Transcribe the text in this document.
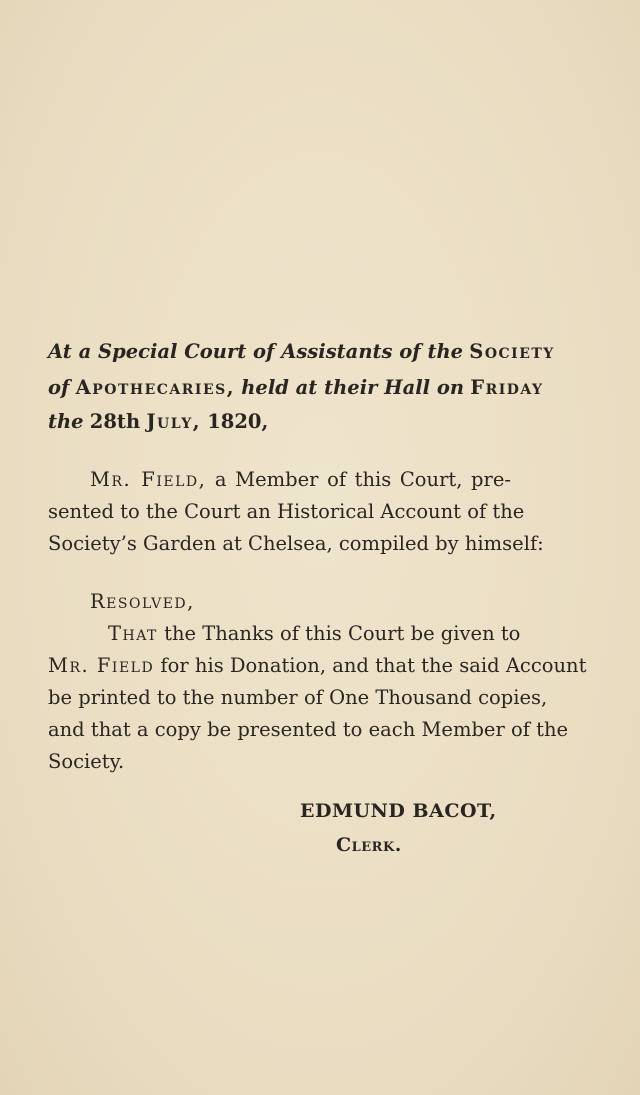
At a Special Court of Assistants of the Society
of Apothecaries, held at their Hall on Friday
the 28th July, 1820,
Mr. Field, a Member of this Court, pre-
sented to the Court an Historical Account of the
Society’s Garden at Chelsea, compiled by himself:
Resolved,
That the Thanks of this Court be given to
Mr. Field for his Donation, and that the said Account
be printed to the number of One Thousand copies,
and that a copy be presented to each Member of the
Society.
EDMUND BACOT,
Clerk.
